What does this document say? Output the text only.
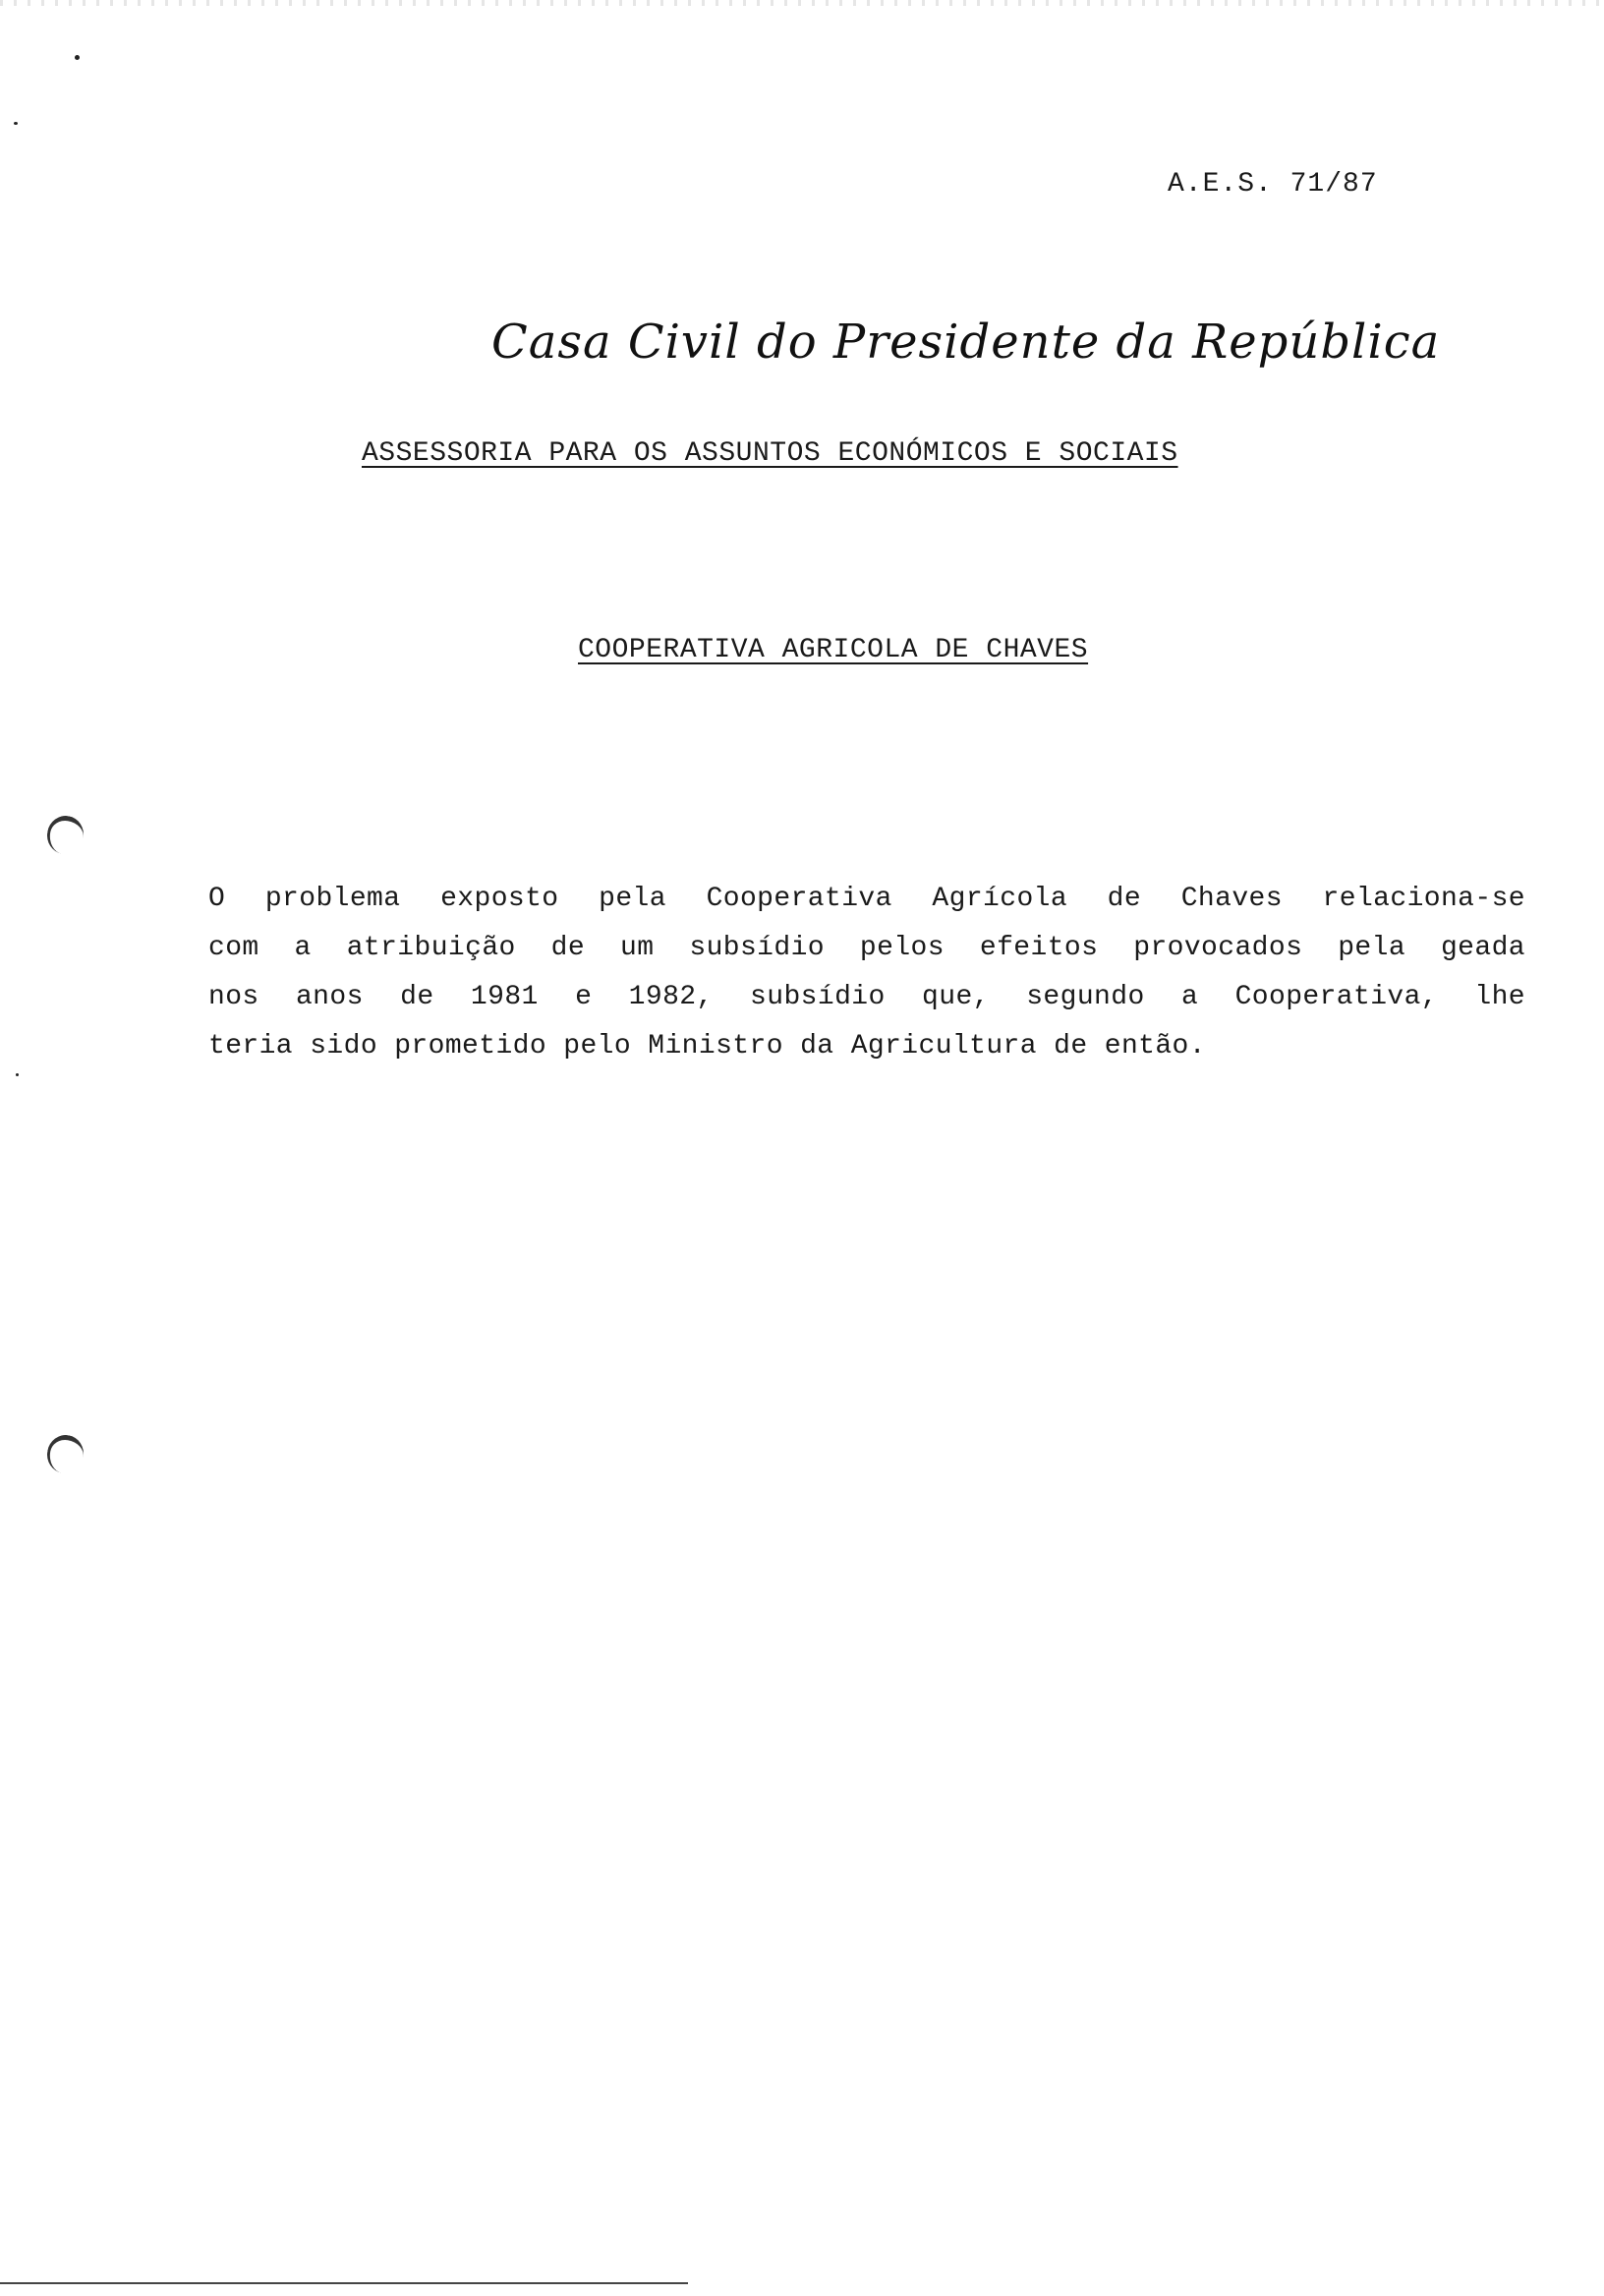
A.E.S. 71/87
Casa Civil do Presidente da República
ASSESSORIA PARA OS ASSUNTOS ECONÓMICOS E SOCIAIS
COOPERATIVA AGRICOLA DE CHAVES
O problema exposto pela Cooperativa Agrícola de Chaves relaciona-se
com a atribuição de um subsídio pelos efeitos provocados pela geada
nos anos de 1981 e 1982, subsídio que, segundo a Cooperativa, lhe
teria sido prometido pelo Ministro da Agricultura de então.
